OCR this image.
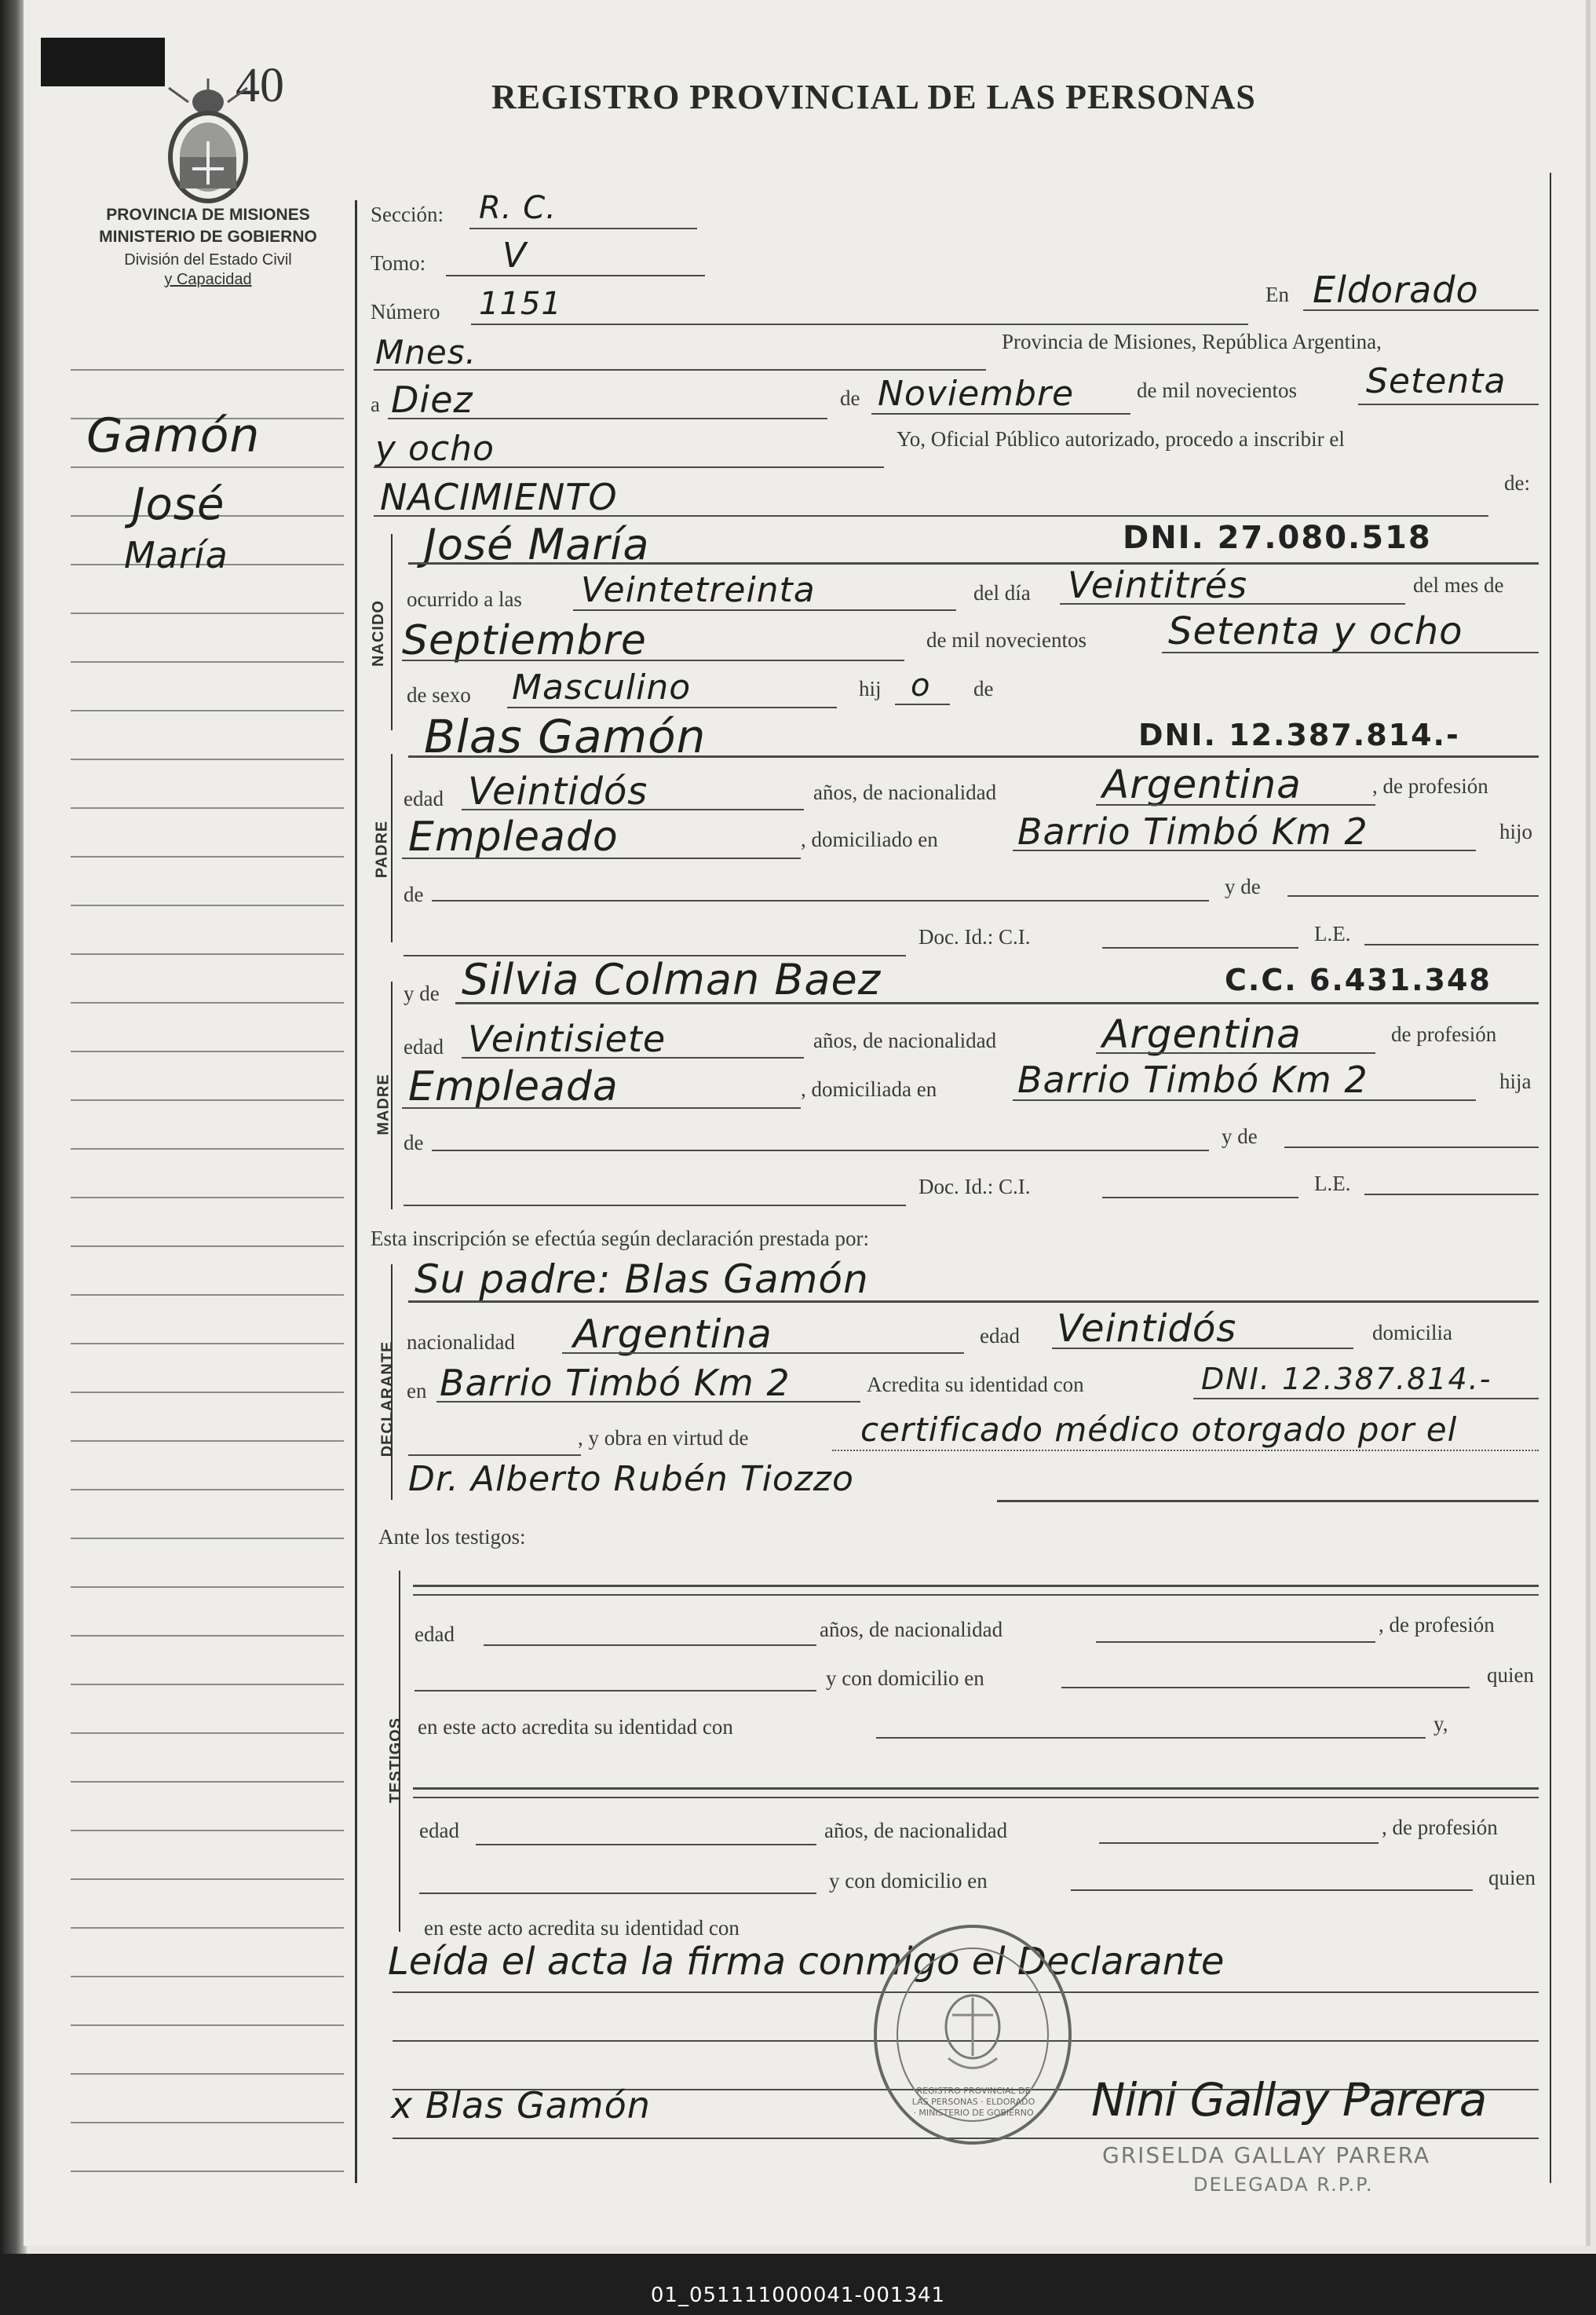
40	REGISTRO PROVINCIAL DE LAS PERSONAS
PROVINCIA DE MISIONES
MINISTERIO DE GOBIERNO
División del Estado Civil
y Capacidad
Gamón
José
María
NACIDO
PADRE
MADRE
DECLARANTE
TESTIGOS
Sección: R. C.
Tomo: V
Número 1151	En Eldorado
Mnes.	Provincia de Misiones, República Argentina,
a Diez	de Noviembre	de mil novecientos Setenta
y ocho	Yo, Oficial Público autorizado, procedo a inscribir el
NACIMIENTO	de:
José María	DNI. 27.080.518
ocurrido a las Veintetreinta	del día Veintitrés	del mes de
Septiembre	de mil novecientos Setenta y ocho
de sexo Masculino	hij o de
Blas Gamón	DNI. 12.387.814.-
edad Veintidós	años, de nacionalidad	Argentina	, de profesión
Empleado	, domiciliado en Barrio Timbó Km 2	hijo
de	y de
Doc. Id.: C.I.	L.E.
y de Silvia Colman Baez	C.C. 6.431.348
edad Veintisiete	años, de nacionalidad	Argentina	de profesión
Empleada	, domiciliada en Barrio Timbó Km 2	hija
de	y de
Doc. Id.: C.I.	L.E.
Esta inscripción se efectúa según declaración prestada por:
Su padre: Blas Gamón
nacionalidad Argentina	edad Veintidós	domicilia
en Barrio Timbó Km 2	Acredita su identidad con	DNI. 12.387.814.-
, y obra en virtud de	certificado médico otorgado por el
Dr. Alberto Rubén Tiozzo
Ante los testigos:
edad	años, de nacionalidad	, de profesión
y con domicilio en	quien
en este acto acredita su identidad con	y,
edad	años, de nacionalidad	, de profesión
y con domicilio en	quien
en este acto acredita su identidad con
Leída el acta la firma conmigo el Declarante
x Blas Gamón	REGISTRO PROVINCIAL DE LAS PERSONAS · ELDORADO · MINISTERIO DE GOBIERNO Nini Gallay Parera
GRISELDA GALLAY PARERA
DELEGADA R.P.P.
01_051111000041-001341
